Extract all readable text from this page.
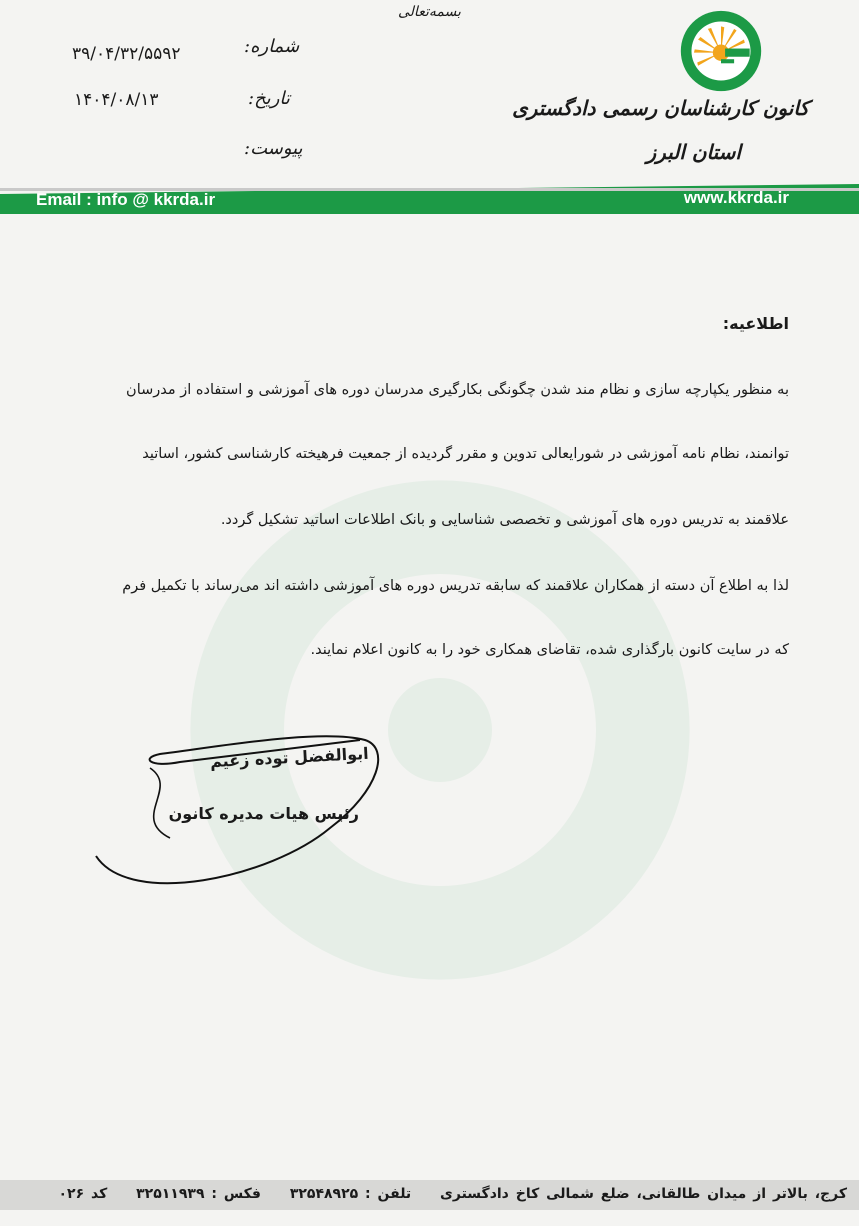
بسمه‌تعالی
کانون کارشناسان رسمی دادگستری
استان البرز
شماره:
۳۹/۰۴/۳۲/۵۵۹۲
تاریخ:
۱۴۰۴/۰۸/۱۳
پیوست:
Email : info @ kkrda.ir	www.kkrda.ir
اطلاعیه:
به منظور یکپارچه سازی و نظام مند شدن چگونگی بکارگیری مدرسان دوره های آموزشی و استفاده از مدرسان
توانمند، نظام نامه آموزشی در شورایعالی تدوین و مقرر گردیده از جمعیت فرهیخته کارشناسی کشور، اساتید
علاقمند به تدریس دوره های آموزشی و تخصصی شناسایی و بانک اطلاعات اساتید تشکیل گردد.
لذا به اطلاع آن دسته از همکاران علاقمند که سابقه تدریس دوره های آموزشی داشته اند می‌رساند با تکمیل فرم
که در سایت کانون بارگذاری شده، تقاضای همکاری خود را به کانون اعلام نمایند.
ابوالفضل توده زعیم
رئیس هیات مدیره کانون
کرج، بالاتر از میدان طالقانی، ضلع شمالی کاخ دادگستری تلفن : ۳۲۵۴۸۹۲۵ فکس : ۳۲۵۱۱۹۳۹ کد ۰۲۶
